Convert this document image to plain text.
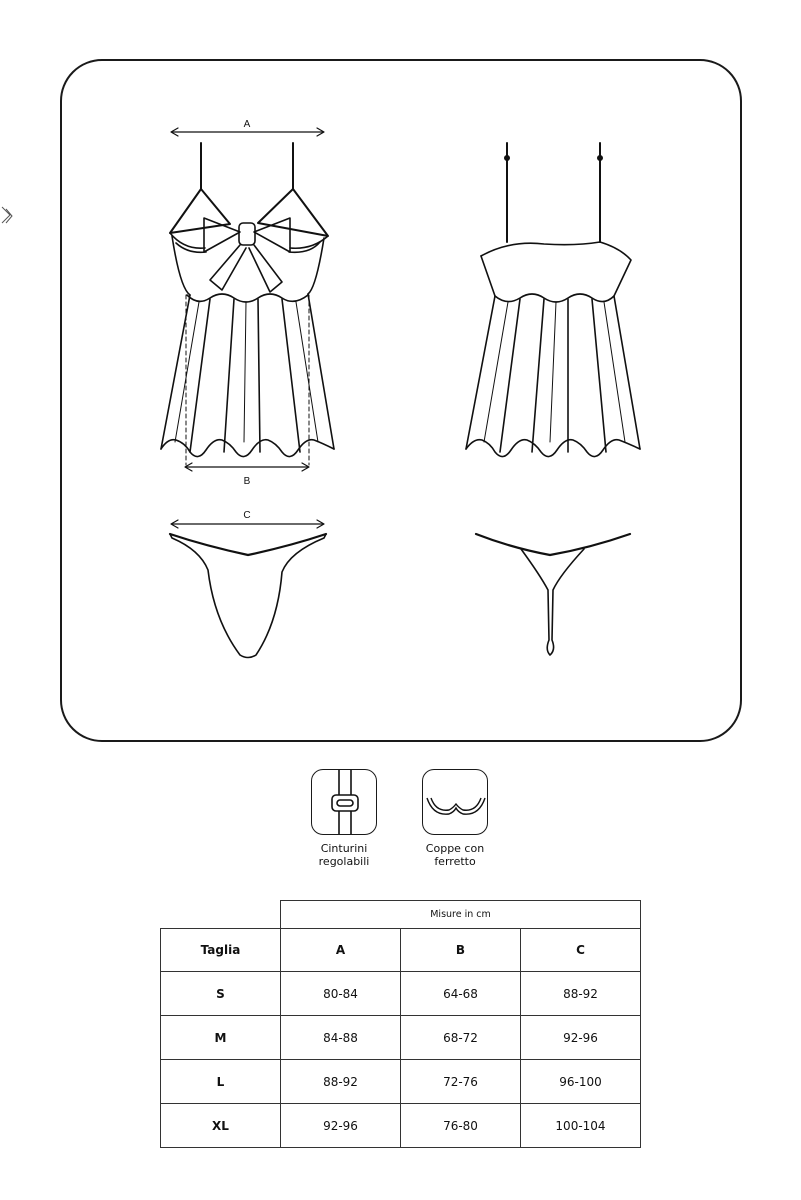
A
B
C
Cinturini
regolabili
Coppe con
ferretto
	Misure in cm		
Taglia	A	B	C
S	80-84	64-68	88-92
M	84-88	68-72	92-96
L	88-92	72-76	96-100
XL	92-96	76-80	100-104
